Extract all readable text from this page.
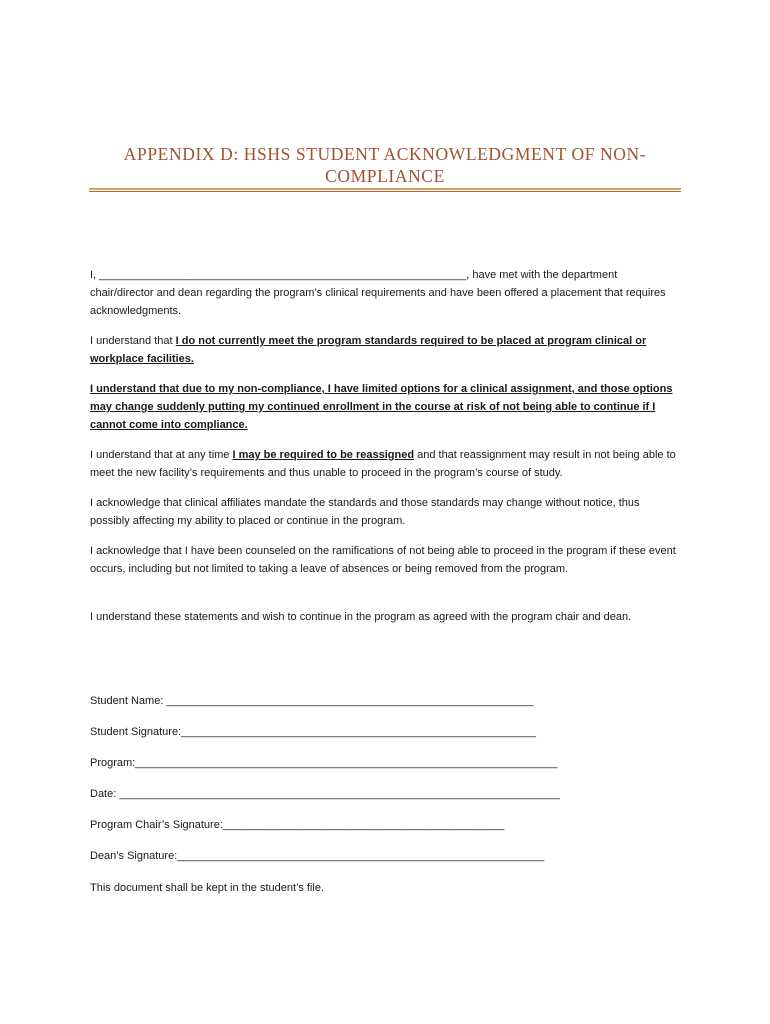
APPENDIX D: HSHS STUDENT ACKNOWLEDGMENT OF NON-COMPLIANCE

I, ____________________________________________________________, have met with the department chair/director and dean regarding the program’s clinical requirements and have been offered a placement that requires acknowledgments.

I understand that I do not currently meet the program standards required to be placed at program clinical or workplace facilities.

I understand that due to my non-compliance, I have limited options for a clinical assignment, and those options may change suddenly putting my continued enrollment in the course at risk of not being able to continue if I cannot come into compliance.

I understand that at any time I may be required to be reassigned and that reassignment may result in not being able to meet the new facility’s requirements and thus unable to proceed in the program’s course of study.

I acknowledge that clinical affiliates mandate the standards and those standards may change without notice, thus possibly affecting my ability to placed or continue in the program.

I acknowledge that I have been counseled on the ramifications of not being able to proceed in the program if these event occurs, including but not limited to taking a leave of absences or being removed from the program.

I understand these statements and wish to continue in the program as agreed with the program chair and dean.

Student Name: ____________________________________________________________
Student Signature:__________________________________________________________
Program:_____________________________________________________________________
Date: ________________________________________________________________________
Program Chair’s Signature:______________________________________________
Dean’s Signature:____________________________________________________________
This document shall be kept in the student’s file.
